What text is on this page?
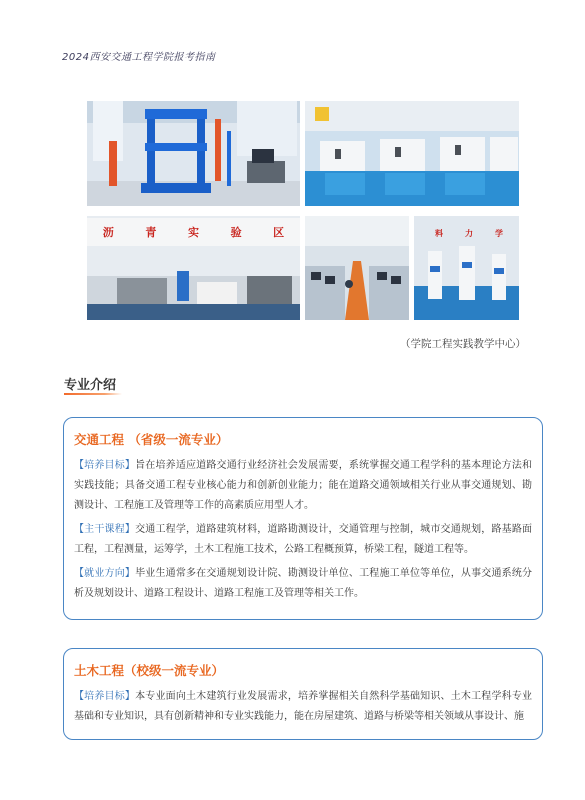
2024西安交通工程学院报考指南
沥	青	实	验	区	料	力	学
（学院工程实践教学中心）
专业介绍
交通工程 （省级一流专业）

【培养目标】旨在培养适应道路交通行业经济社会发展需要，系统掌握交通工程学科的基本理论方法和实践技能；具备交通工程专业核心能力和创新创业能力；能在道路交通领域相关行业从事交通规划、勘测设计、工程施工及管理等工作的高素质应用型人才。

【主干课程】交通工程学，道路建筑材料，道路勘测设计，交通管理与控制，城市交通规划，路基路面工程，工程测量，运筹学，土木工程施工技术，公路工程概预算，桥梁工程，隧道工程等。

【就业方向】毕业生通常多在交通规划设计院、勘测设计单位、工程施工单位等单位，从事交通系统分析及规划设计、道路工程设计、道路工程施工及管理等相关工作。

土木工程（校级一流专业）

【培养目标】本专业面向土木建筑行业发展需求，培养掌握相关自然科学基础知识、土木工程学科专业基础和专业知识，具有创新精神和专业实践能力，能在房屋建筑、道路与桥梁等相关领域从事设计、施
